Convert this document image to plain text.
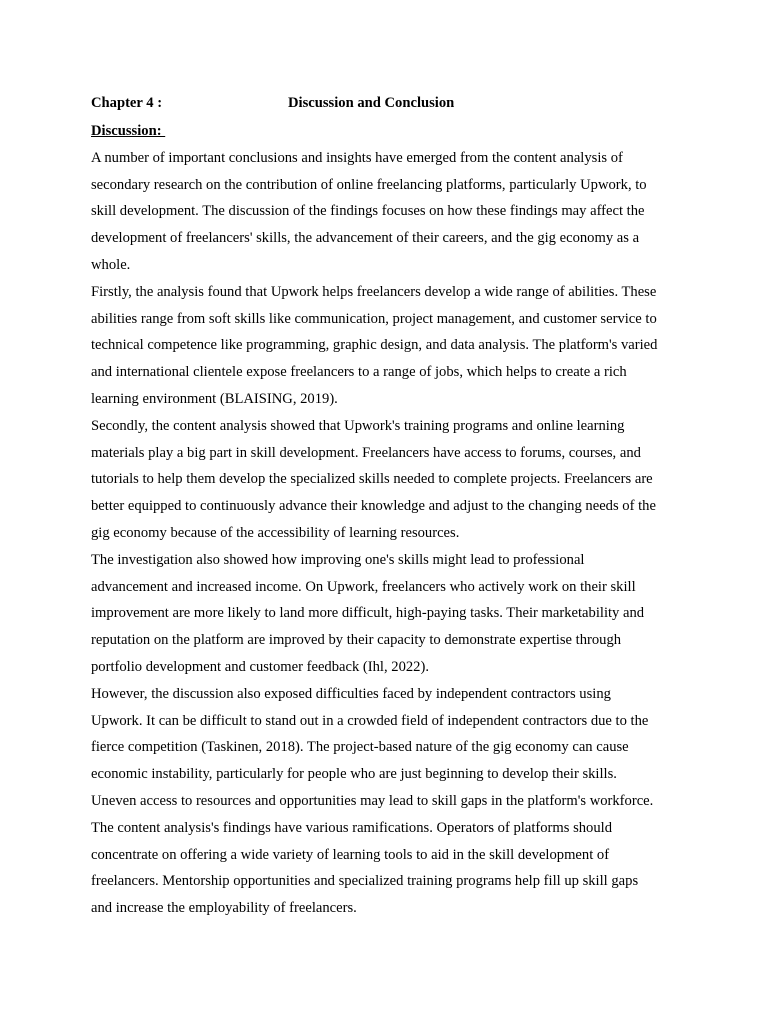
Chapter 4 :	Discussion and Conclusion
Discussion:

A number of important conclusions and insights have emerged from the content analysis of
secondary research on the contribution of online freelancing platforms, particularly Upwork, to
skill development. The discussion of the findings focuses on how these findings may affect the
development of freelancers' skills, the advancement of their careers, and the gig economy as a
whole.

Firstly, the analysis found that Upwork helps freelancers develop a wide range of abilities. These
abilities range from soft skills like communication, project management, and customer service to
technical competence like programming, graphic design, and data analysis. The platform's varied
and international clientele expose freelancers to a range of jobs, which helps to create a rich
learning environment (BLAISING, 2019).

Secondly, the content analysis showed that Upwork's training programs and online learning
materials play a big part in skill development. Freelancers have access to forums, courses, and
tutorials to help them develop the specialized skills needed to complete projects. Freelancers are
better equipped to continuously advance their knowledge and adjust to the changing needs of the
gig economy because of the accessibility of learning resources.

The investigation also showed how improving one's skills might lead to professional
advancement and increased income. On Upwork, freelancers who actively work on their skill
improvement are more likely to land more difficult, high-paying tasks. Their marketability and
reputation on the platform are improved by their capacity to demonstrate expertise through
portfolio development and customer feedback (Ihl, 2022).

However, the discussion also exposed difficulties faced by independent contractors using
Upwork. It can be difficult to stand out in a crowded field of independent contractors due to the
fierce competition (Taskinen, 2018). The project-based nature of the gig economy can cause
economic instability, particularly for people who are just beginning to develop their skills.
Uneven access to resources and opportunities may lead to skill gaps in the platform's workforce.

The content analysis's findings have various ramifications. Operators of platforms should
concentrate on offering a wide variety of learning tools to aid in the skill development of
freelancers. Mentorship opportunities and specialized training programs help fill up skill gaps
and increase the employability of freelancers.
